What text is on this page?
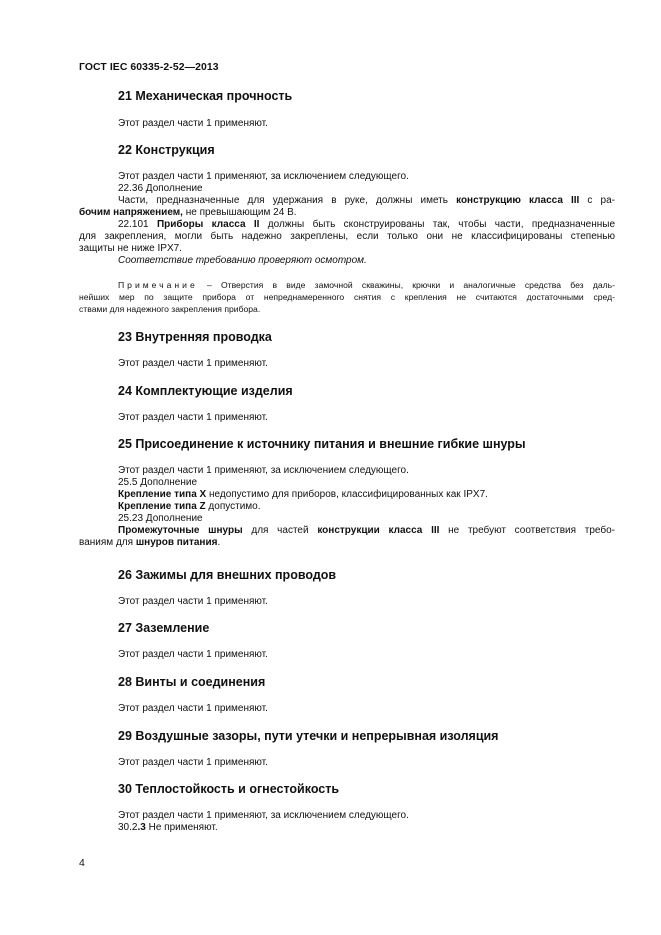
ГОСТ IEC 60335-2-52—2013
21 Механическая прочность
Этот раздел части 1 применяют.
22 Конструкция
Этот раздел части 1 применяют, за исключением следующего.
22.36 Дополнение
Части, предназначенные для удержания в руке, должны иметь конструкцию класса III с ра-
бочим напряжением, не превышающим 24 В.
22.101 Приборы класса II должны быть сконструированы так, чтобы части, предназначенные
для закрепления, могли быть надежно закреплены, если только они не классифицированы степенью
защиты не ниже IPX7.
Соответствие требованию проверяют осмотром.
Примечание – Отверстия в виде замочной скважины, крючки и аналогичные средства без даль-
нейших мер по защите прибора от непреднамеренного снятия с крепления не считаются достаточными сред-
ствами для надежного закрепления прибора.
23 Внутренняя проводка
Этот раздел части 1 применяют.
24 Комплектующие изделия
Этот раздел части 1 применяют.
25 Присоединение к источнику питания и внешние гибкие шнуры
Этот раздел части 1 применяют, за исключением следующего.
25.5 Дополнение
Крепление типа X недопустимо для приборов, классифицированных как IPX7.
Крепление типа Z допустимо.
25.23 Дополнение
Промежуточные шнуры для частей конструкции класса III не требуют соответствия требо-
ваниям для шнуров питания.
26 Зажимы для внешних проводов
Этот раздел части 1 применяют.
27 Заземление
Этот раздел части 1 применяют.
28 Винты и соединения
Этот раздел части 1 применяют.
29 Воздушные зазоры, пути утечки и непрерывная изоляция
Этот раздел части 1 применяют.
30 Теплостойкость и огнестойкость
Этот раздел части 1 применяют, за исключением следующего.
30.2.3 Не применяют.
4
